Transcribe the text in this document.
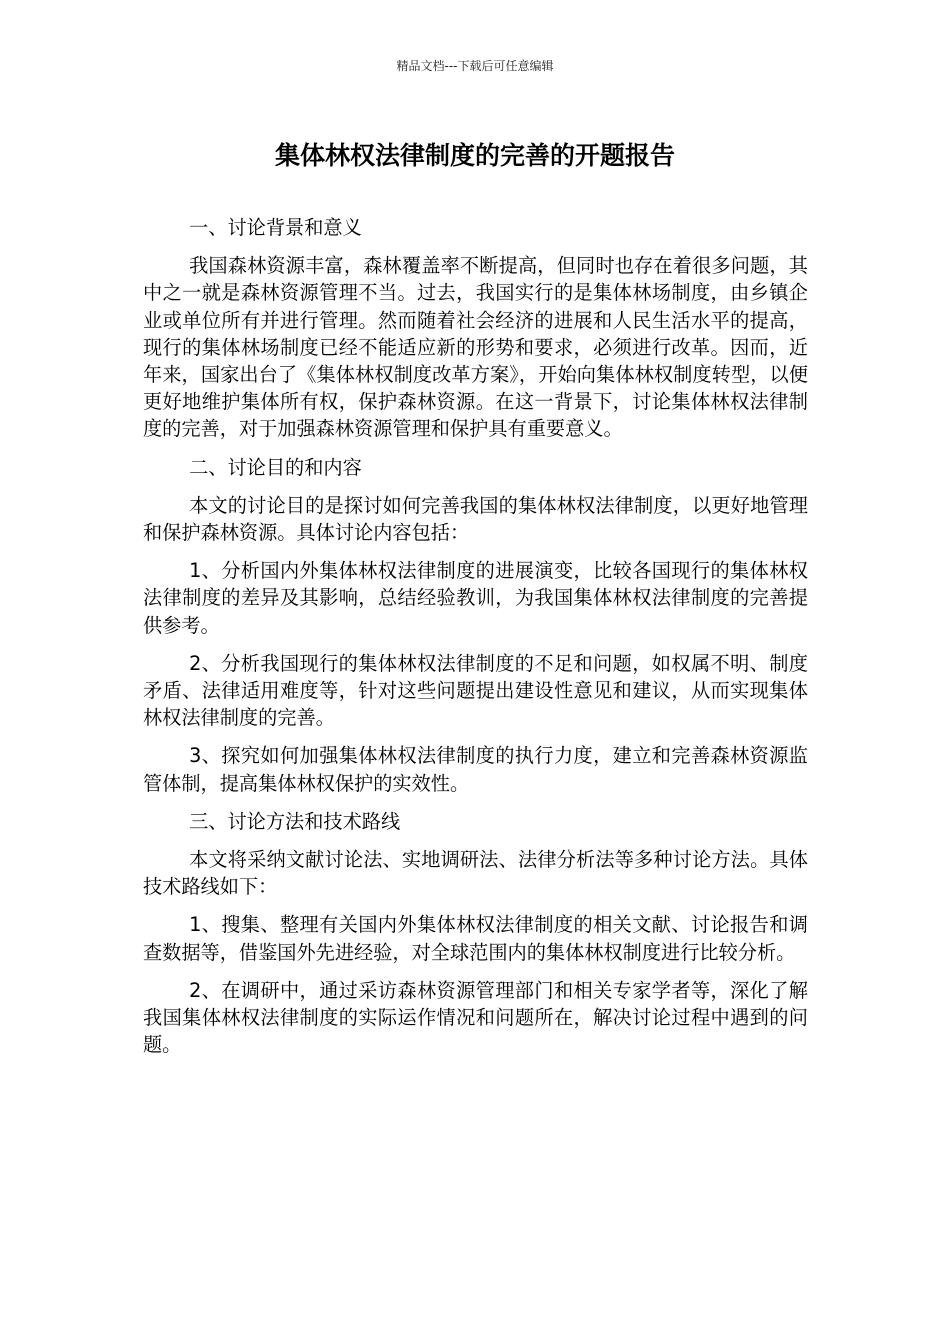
精品文档---下载后可任意编辑
集体林权法律制度的完善的开题报告

一、讨论背景和意义

我国森林资源丰富，森林覆盖率不断提高，但同时也存在着很多问题，其中之一就是森林资源管理不当。过去，我国实行的是集体林场制度，由乡镇企业或单位所有并进行管理。然而随着社会经济的进展和人民生活水平的提高，现行的集体林场制度已经不能适应新的形势和要求，必须进行改革。因而，近年来，国家出台了《集体林权制度改革方案》，开始向集体林权制度转型，以便更好地维护集体所有权，保护森林资源。在这一背景下，讨论集体林权法律制度的完善，对于加强森林资源管理和保护具有重要意义。

二、讨论目的和内容

本文的讨论目的是探讨如何完善我国的集体林权法律制度，以更好地管理和保护森林资源。具体讨论内容包括：

1、分析国内外集体林权法律制度的进展演变，比较各国现行的集体林权法律制度的差异及其影响，总结经验教训，为我国集体林权法律制度的完善提供参考。

2、分析我国现行的集体林权法律制度的不足和问题，如权属不明、制度矛盾、法律适用难度等，针对这些问题提出建设性意见和建议，从而实现集体林权法律制度的完善。

3、探究如何加强集体林权法律制度的执行力度，建立和完善森林资源监管体制，提高集体林权保护的实效性。

三、讨论方法和技术路线

本文将采纳文献讨论法、实地调研法、法律分析法等多种讨论方法。具体技术路线如下：

1、搜集、整理有关国内外集体林权法律制度的相关文献、讨论报告和调查数据等，借鉴国外先进经验，对全球范围内的集体林权制度进行比较分析。

2、在调研中，通过采访森林资源管理部门和相关专家学者等，深化了解我国集体林权法律制度的实际运作情况和问题所在，解决讨论过程中遇到的问题。
